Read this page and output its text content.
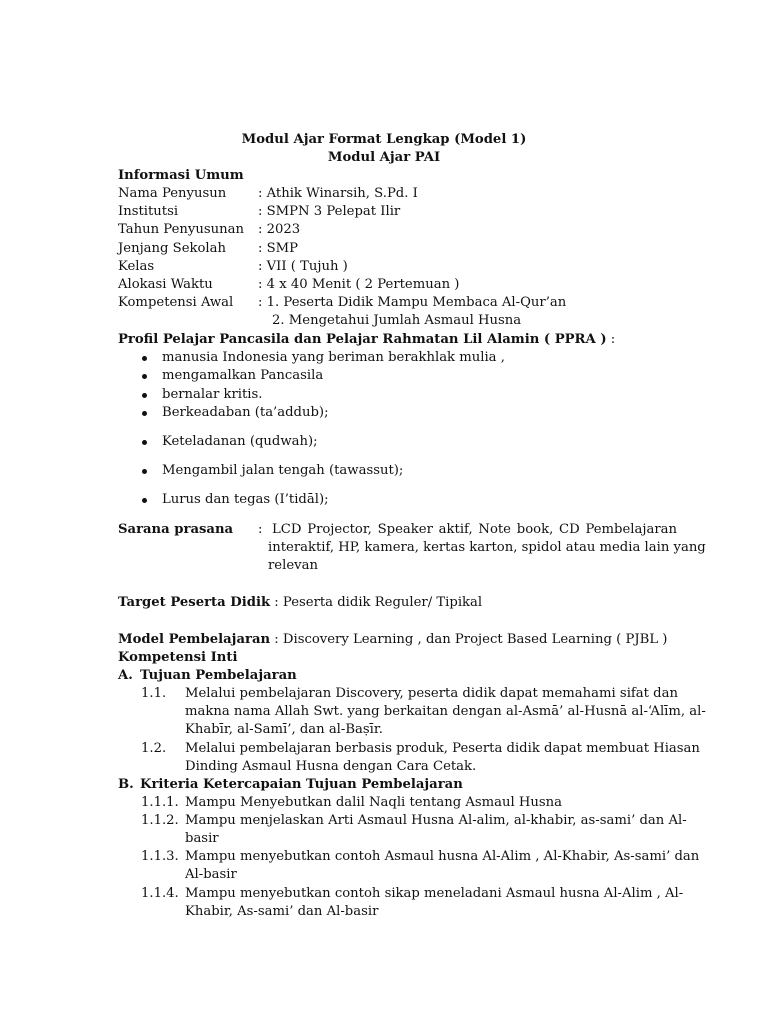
Modul Ajar Format Lengkap (Model 1)
Modul Ajar PAI
Informasi Umum
Nama Penyusun : Athik Winarsih, S.Pd. I
Institutsi	: SMPN 3 Pelepat Ilir
Tahun Penyusunan : 2023
Jenjang Sekolah : SMP
Kelas	: VII ( Tujuh )
Alokasi Waktu	: 4 x 40 Menit ( 2 Pertemuan )
Kompetensi Awal : 1. Peserta Didik Mampu Membaca Al-Qur’an
2. Mengetahui Jumlah Asmaul Husna
Profil Pelajar Pancasila dan Pelajar Rahmatan Lil Alamin ( PPRA ) :
manusia Indonesia yang beriman berakhlak mulia ,
mengamalkan Pancasila
bernalar kritis.
Berkeadaban (ta’addub);
Keteladanan (qudwah);
Mengambil jalan tengah (tawassut);
Lurus dan tegas (I’tidāl);
Sarana prasana : LCD Projector, Speaker aktif, Note book, CD Pembelajaran
interaktif, HP, kamera, kertas karton, spidol atau media lain yang
relevan
Target Peserta Didik : Peserta didik Reguler/ Tipikal
Model Pembelajaran : Discovery Learning , dan Project Based Learning ( PJBL )
Kompetensi Inti
A. Tujuan Pembelajaran
1.1. Melalui pembelajaran Discovery, peserta didik dapat memahami sifat dan
makna nama Allah Swt. yang berkaitan dengan al-Asmā’ al-Husnā al-‘Alīm, al-
Khabīr, al-Samī’, dan al-Baṣīr.
1.2. Melalui pembelajaran berbasis produk, Peserta didik dapat membuat Hiasan
Dinding Asmaul Husna dengan Cara Cetak.
B. Kriteria Ketercapaian Tujuan Pembelajaran
1.1.1. Mampu Menyebutkan dalil Naqli tentang Asmaul Husna
1.1.2. Mampu menjelaskan Arti Asmaul Husna Al-alim, al-khabir, as-sami’ dan Al-
basir
1.1.3. Mampu menyebutkan contoh Asmaul husna Al-Alim , Al-Khabir, As-sami’ dan
Al-basir
1.1.4. Mampu menyebutkan contoh sikap meneladani Asmaul husna Al-Alim , Al-
Khabir, As-sami’ dan Al-basir
